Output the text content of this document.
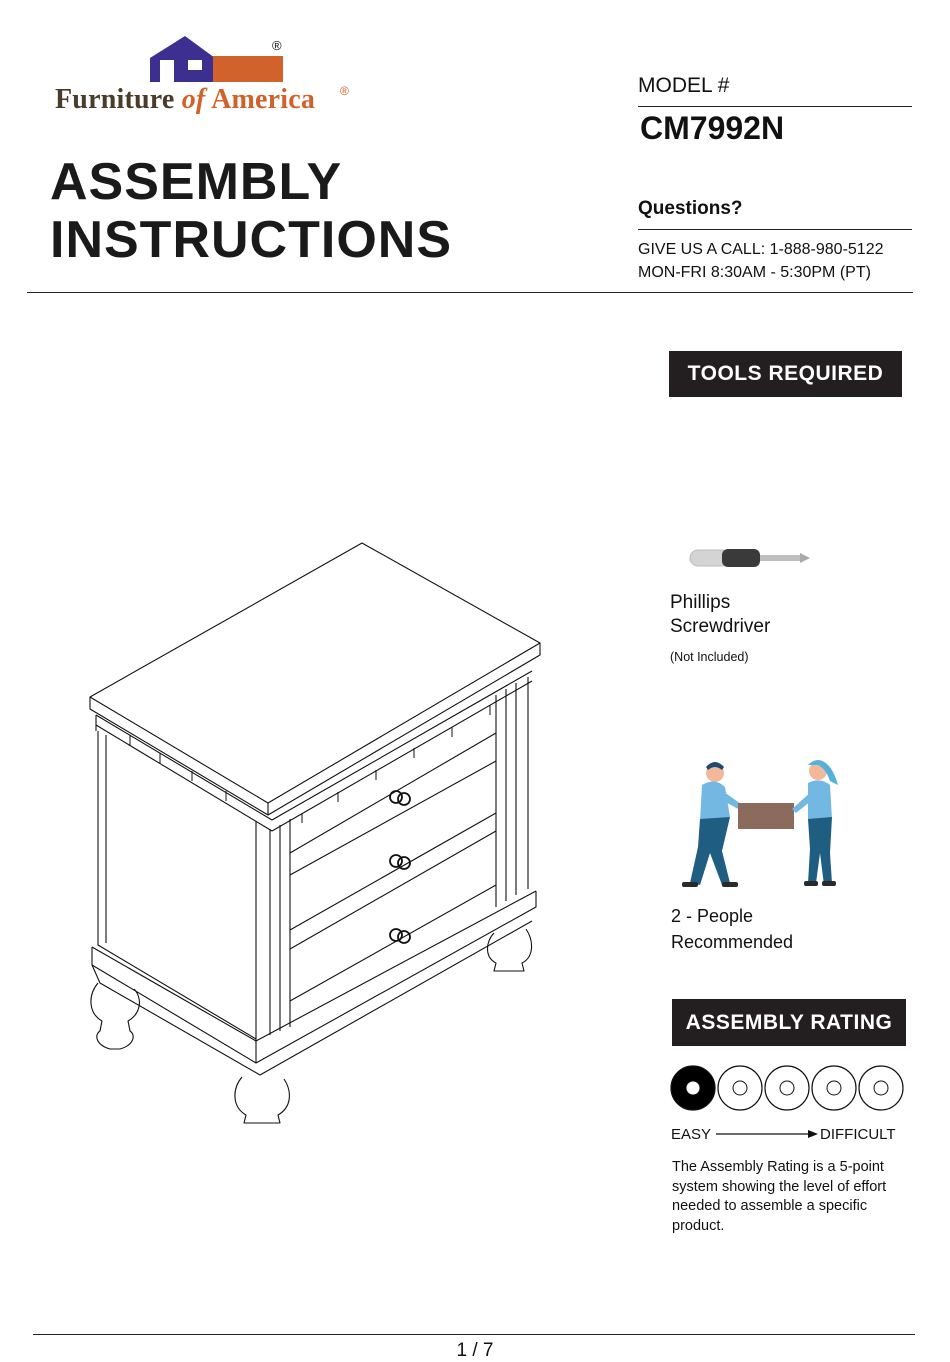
®
Furniture of America ®
ASSEMBLY
INSTRUCTIONS
MODEL #
CM7992N
Questions?
GIVE US A CALL: 1-888-980-5122
MON-FRI 8:30AM - 5:30PM (PT)
TOOLS REQUIRED
Phillips
Screwdriver
(Not Included)
2 - People
Recommended
ASSEMBLY RATING
EASY	DIFFICULT
The Assembly Rating is a 5-point system showing the level of effort needed to assemble a specific product.
1 / 7
